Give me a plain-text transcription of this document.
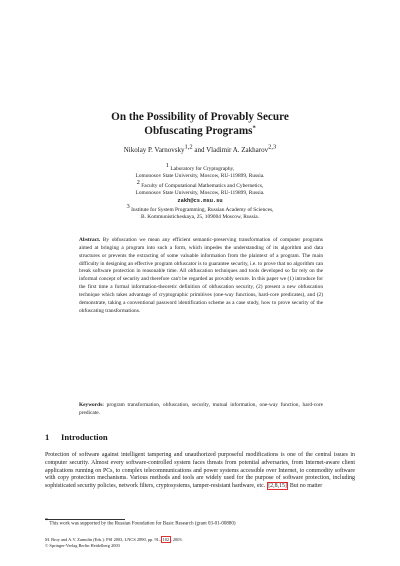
On the Possibility of Provably Secure
Obfuscating Programs*
Nikolay P. Varnovsky1,2 and Vladimir A. Zakharov2,3
1 Laboratory for Cryptography,
Lomonosov State University, Moscow, RU-119899, Russia.
2 Faculty of Computational Mathematics and Cybernetics,
Lomonosov State University, Moscow, RU-119899, Russia.
zakh@cs.msu.su
3 Institute for System Programming, Russian Academy of Sciences,
B. Kommunisticheskaya, 25, 109004 Moscow, Russia.
Abstract. By obfuscation we mean any efficient semantic-preserving transformation of computer programs aimed at bringing a program into such a form, which impedes the understanding of its algorithm and data structures or prevents the extracting of some valuable information from the plaintext of a program. The main difficulty in designing an effective program obfuscator is to guarantee security, i.e. to prove that no algorithm can break software protection in reasonable time. All obfuscation techniques and tools developed so far rely on the informal concept of security and therefore can't be regarded as provably secure. In this paper we (1) introduce for the first time a formal information-theoretic definition of obfuscation security, (2) present a new obfuscation technique which takes advantage of cryptographic primitives (one-way functions, hard-core predicates), and (2) demonstrate, taking a conventional password identification scheme as a case study, how to prove security of the obfuscating transformations.
Keywords: program transformation, obfuscation, security, mutual information, one-way function, hard-core predicate.
1 Introduction
Protection of software against intelligent tampering and unauthorized purposeful modifications is one of the central issues in computer security. Almost every software-controlled system faces threats from potential adversaries, from Internet-aware client applications running on PCs, to complex telecommunications and power systems accessible over Internet, to commodity software with copy protection mechanisms. Various methods and tools are widely used for the purpose of software protection, including sophisticated security policies, network filters, cryptosystems, tamper-resistant hardware, etc. [2,8,15] But no matter
* This work was supported by the Russian Foundation for Basic Research (grant 03-01-00880)
M. Broy and A.V. Zamulin (Eds.): PSI 2003, LNCS 2890, pp. 91– 102 , 2003.
© Springer-Verlag Berlin Heidelberg 2003
